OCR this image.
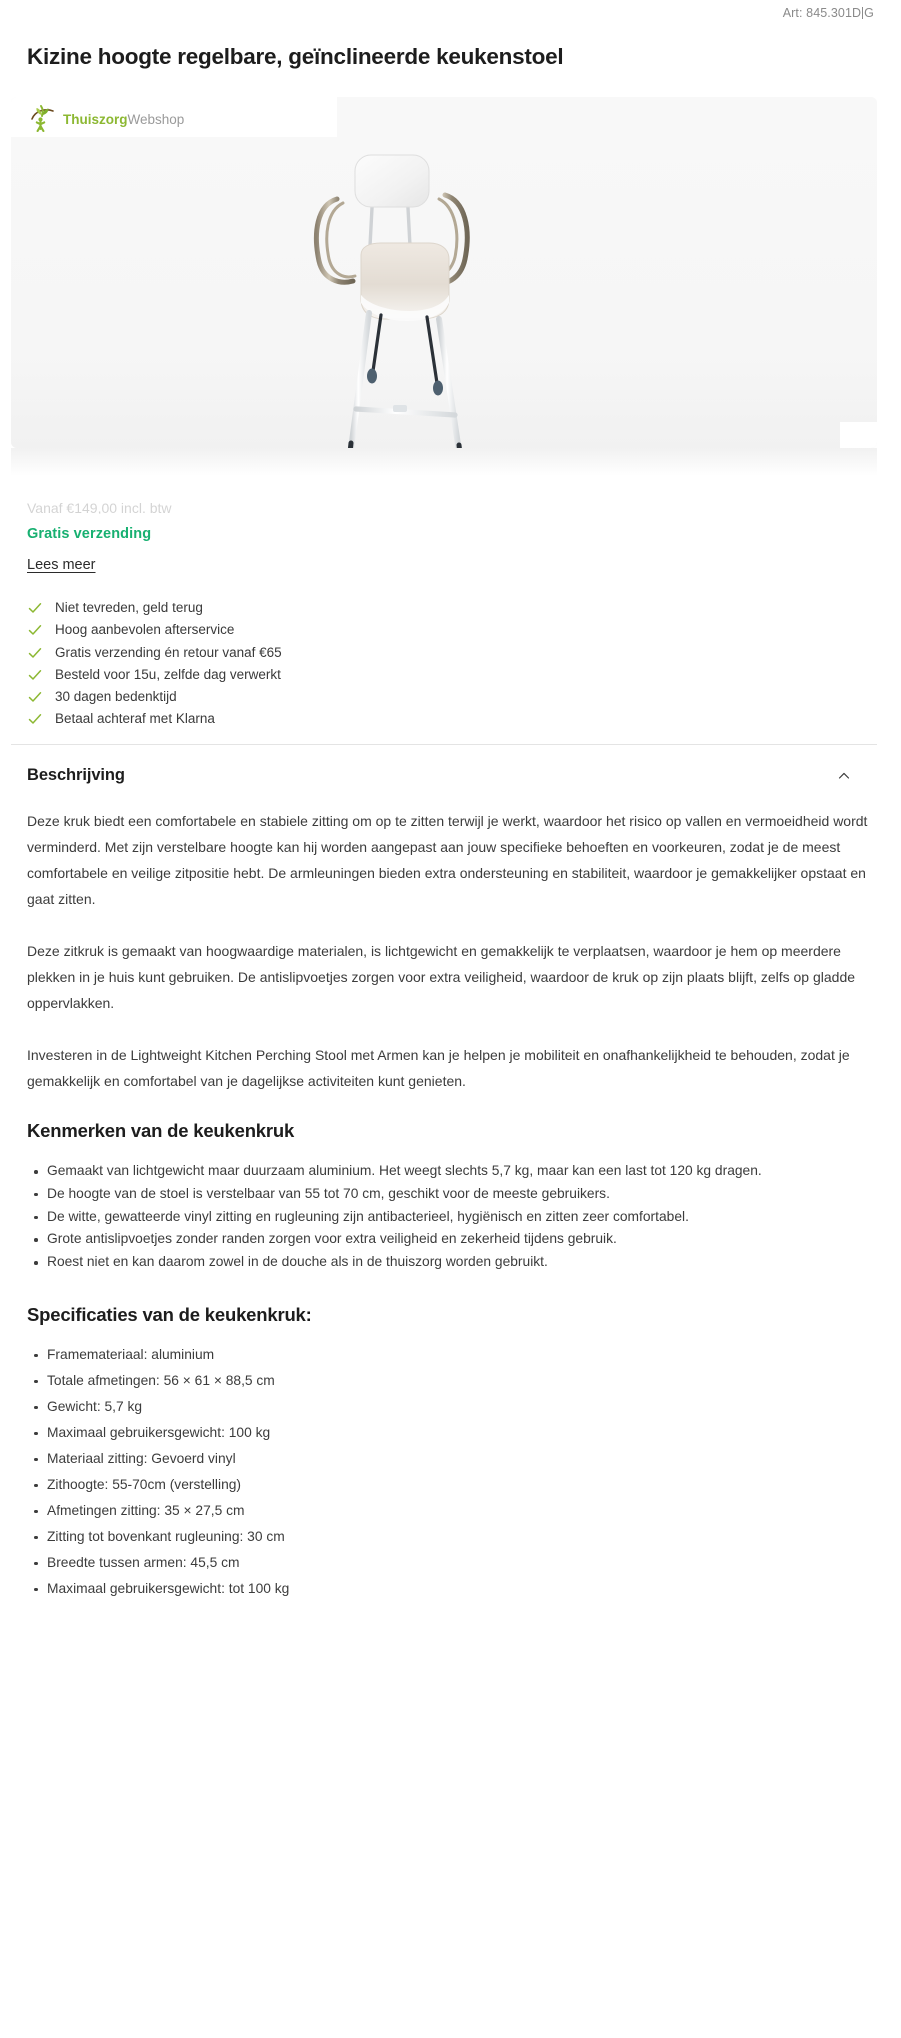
Art: 845.301D G
Kizine hoogte regelbare, geïnclineerde keukenstoel
ThuiszorgWebshop
Vanaf €149,00 incl. btw
Gratis verzending
Lees meer
Niet tevreden, geld terug
Hoog aanbevolen afterservice
Gratis verzending én retour vanaf €65
Besteld voor 15u, zelfde dag verwerkt
30 dagen bedenktijd
Betaal achteraf met Klarna
Beschrijving

Deze kruk biedt een comfortabele en stabiele zitting om op te zitten terwijl je werkt, waardoor het risico op vallen en vermoeidheid wordt verminderd. Met zijn verstelbare hoogte kan hij worden aangepast aan jouw specifieke behoeften en voorkeuren, zodat je de meest comfortabele en veilige zitpositie hebt. De armleuningen bieden extra ondersteuning en stabiliteit, waardoor je gemakkelijker opstaat en gaat zitten.

Deze zitkruk is gemaakt van hoogwaardige materialen, is lichtgewicht en gemakkelijk te verplaatsen, waardoor je hem op meerdere plekken in je huis kunt gebruiken. De antislipvoetjes zorgen voor extra veiligheid, waardoor de kruk op zijn plaats blijft, zelfs op gladde oppervlakken.

Investeren in de Lightweight Kitchen Perching Stool met Armen kan je helpen je mobiliteit en onafhankelijkheid te behouden, zodat je gemakkelijk en comfortabel van je dagelijkse activiteiten kunt genieten.

Kenmerken van de keukenkruk
Gemaakt van lichtgewicht maar duurzaam aluminium. Het weegt slechts 5,7 kg, maar kan een last tot 120 kg dragen.
De hoogte van de stoel is verstelbaar van 55 tot 70 cm, geschikt voor de meeste gebruikers.
De witte, gewatteerde vinyl zitting en rugleuning zijn antibacterieel, hygiënisch en zitten zeer comfortabel.
Grote antislipvoetjes zonder randen zorgen voor extra veiligheid en zekerheid tijdens gebruik.
Roest niet en kan daarom zowel in de douche als in de thuiszorg worden gebruikt.
Specificaties van de keukenkruk:
Framemateriaal: aluminium
Totale afmetingen: 56 × 61 × 88,5 cm
Gewicht: 5,7 kg
Maximaal gebruikersgewicht: 100 kg
Materiaal zitting: Gevoerd vinyl
Zithoogte: 55-70cm (verstelling)
Afmetingen zitting: 35 × 27,5 cm
Zitting tot bovenkant rugleuning: 30 cm
Breedte tussen armen: 45,5 cm
Maximaal gebruikersgewicht: tot 100 kg
